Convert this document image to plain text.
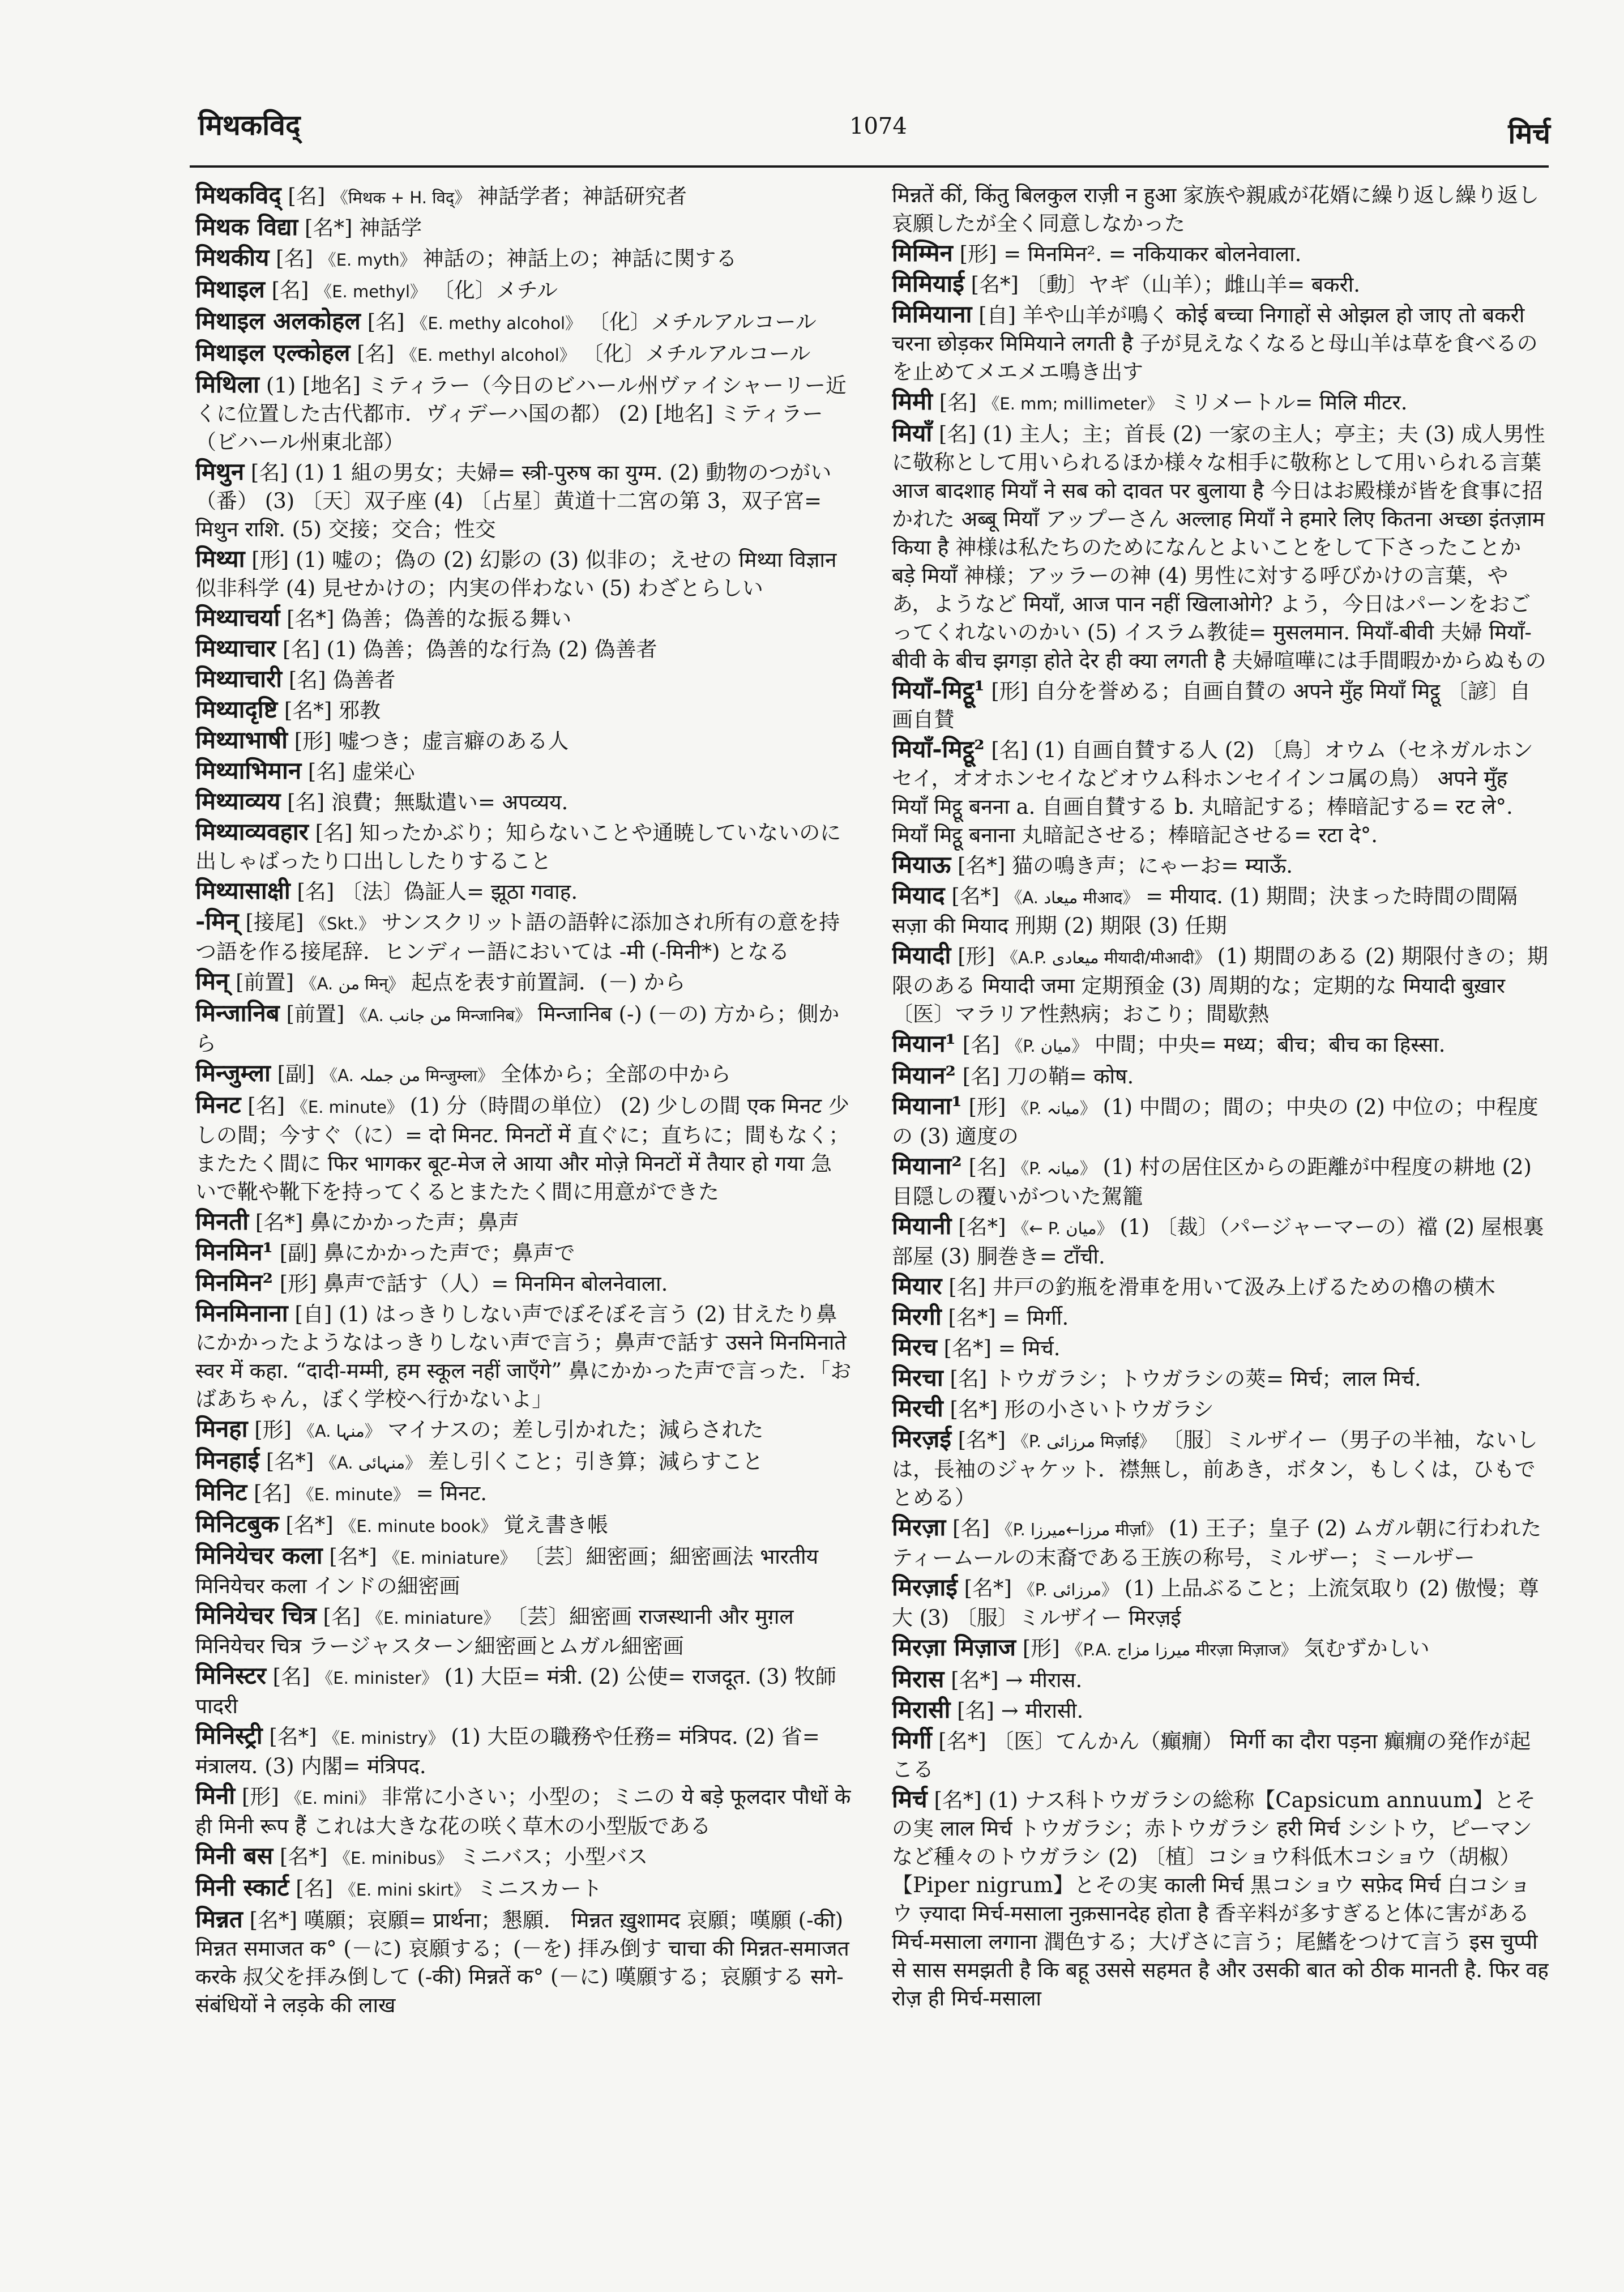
मिथकविद्	1074	मिर्च

मिथकविद् [名] 《मिथक + H. विद्》 神話学者；神話研究者

मिथक विद्या [名*] 神話学

मिथकीय [名] 《E. myth》 神話の；神話上の；神話に関する

मिथाइल [名] 《E. methyl》 〔化〕メチル

मिथाइल अलकोहल [名] 《E. methy alcohol》 〔化〕メチルアルコール

मिथाइल एल्कोहल [名] 《E. methyl alcohol》 〔化〕メチルアルコール

मिथिला (1) [地名] ミティラー（今日のビハール州ヴァイシャーリー近くに位置した古代都市．ヴィデーハ国の都） (2) [地名] ミティラー（ビハール州東北部）

मिथुन [名] (1) 1 組の男女；夫婦= स्त्री-पुरुष का युग्म. (2) 動物のつがい（番） (3) 〔天〕双子座 (4) 〔占星〕黄道十二宮の第 3，双子宮= मिथुन राशि. (5) 交接；交合；性交

मिथ्या [形] (1) 嘘の；偽の (2) 幻影の (3) 似非の；えせの मिथ्या विज्ञान 似非科学 (4) 見せかけの；内実の伴わない (5) わざとらしい

मिथ्याचर्या [名*] 偽善；偽善的な振る舞い

मिथ्याचार [名] (1) 偽善；偽善的な行為 (2) 偽善者

मिथ्याचारी [名] 偽善者

मिथ्यादृष्टि [名*] 邪教

मिथ्याभाषी [形] 嘘つき；虚言癖のある人

मिथ्याभिमान [名] 虚栄心

मिथ्याव्यय [名] 浪費；無駄遣い= अपव्यय.

मिथ्याव्यवहार [名] 知ったかぶり；知らないことや通暁していないのに出しゃばったり口出ししたりすること

मिथ्यासाक्षी [名] 〔法〕偽証人= झूठा गवाह.

-मिन् [接尾] 《Skt.》 サンスクリット語の語幹に添加され所有の意を持つ語を作る接尾辞．ヒンディー語においては -मी (-मिनी*) となる

मिन् [前置] 《A. من मिन्》 起点を表す前置詞．(－) から

मिन्जानिब [前置] 《A. من جانب मिन्जानिब》 मिन्जानिब (-) (－の) 方から；側から

मिन्जुम्ला [副] 《A. من جملہ मिन्जुम्ला》 全体から；全部の中から

मिनट [名] 《E. minute》 (1) 分（時間の単位） (2) 少しの間 एक मिनट 少しの間；今すぐ（に）= दो मिनट. मिनटों में 直ぐに；直ちに；間もなく；またたく間に फिर भागकर बूट-मेज ले आया और मोज़े मिनटों में तैयार हो गया 急いで靴や靴下を持ってくるとまたたく間に用意ができた

मिनती [名*] 鼻にかかった声；鼻声

मिनमिन¹ [副] 鼻にかかった声で；鼻声で

मिनमिन² [形] 鼻声で話す（人）= मिनमिन बोलनेवाला.

मिनमिनाना [自] (1) はっきりしない声でぼそぼそ言う (2) 甘えたり鼻にかかったようなはっきりしない声で言う；鼻声で話す उसने मिनमिनाते स्वर में कहा. “दादी-मम्मी, हम स्कूल नहीं जाएँगे” 鼻にかかった声で言った．「おばあちゃん，ぼく学校へ行かないよ」

मिनहा [形] 《A. منہا》 マイナスの；差し引かれた；減らされた

मिनहाई [名*] 《A. منہائی》 差し引くこと；引き算；減らすこと

मिनिट [名] 《E. minute》 = मिनट.

मिनिटबुक [名*] 《E. minute book》 覚え書き帳

मिनियेचर कला [名*] 《E. miniature》 〔芸〕細密画；細密画法 भारतीय मिनियेचर कला インドの細密画

मिनियेचर चित्र [名] 《E. miniature》 〔芸〕細密画 राजस्थानी और मुग़ल मिनियेचर चित्र ラージャスターン細密画とムガル細密画

मिनिस्टर [名] 《E. minister》 (1) 大臣= मंत्री. (2) 公使= राजदूत. (3) 牧師 पादरी

मिनिस्ट्री [名*] 《E. ministry》 (1) 大臣の職務や任務= मंत्रिपद. (2) 省= मंत्रालय. (3) 内閣= मंत्रिपद.

मिनी [形] 《E. mini》 非常に小さい；小型の；ミニの ये बड़े फूलदार पौधों के ही मिनी रूप हैं これは大きな花の咲く草木の小型版である

मिनी बस [名*] 《E. minibus》 ミニバス；小型バス

मिनी स्कार्ट [名] 《E. mini skirt》 ミニスカート

मिन्नत [名*] 嘆願；哀願= प्रार्थना；懇願． मिन्नत ख़ुशामद 哀願；嘆願 (-की) मिन्नत समाजत क° (－に) 哀願する；(－を) 拝み倒す चाचा की मिन्नत-समाजत करके 叔父を拝み倒して (-की) मिन्नतें क° (－に) 嘆願する；哀願する सगे-संबंधियों ने लड़के की लाख

मिन्नतें कीं, किंतु बिलकुल राज़ी न हुआ 家族や親戚が花婿に繰り返し繰り返し哀願したが全く同意しなかった

मिम्मिन [形] = मिनमिन². = नकियाकर बोलनेवाला.

मिमियाई [名*] 〔動〕ヤギ（山羊）；雌山羊= बकरी.

मिमियाना [自] 羊や山羊が鳴く कोई बच्चा निगाहों से ओझल हो जाए तो बकरी चरना छोड़कर मिमियाने लगती है 子が見えなくなると母山羊は草を食べるのを止めてメエメエ鳴き出す

मिमी [名] 《E. mm; millimeter》 ミリメートル= मिलि मीटर.

मियाँ [名] (1) 主人；主；首長 (2) 一家の主人；亭主；夫 (3) 成人男性に敬称として用いられるほか様々な相手に敬称として用いられる言葉 आज बादशाह मियाँ ने सब को दावत पर बुलाया है 今日はお殿様が皆を食事に招かれた अब्बू मियाँ アップーさん अल्लाह मियाँ ने हमारे लिए कितना अच्छा इंतज़ाम किया है 神様は私たちのためになんとよいことをして下さったことか बड़े मियाँ 神様；アッラーの神 (4) 男性に対する呼びかけの言葉，やあ，ようなど मियाँ, आज पान नहीं खिलाओगे? よう，今日はパーンをおごってくれないのかい (5) イスラム教徒= मुसलमान. मियाँ-बीवी 夫婦 मियाँ-बीवी के बीच झगड़ा होते देर ही क्या लगती है 夫婦喧嘩には手間暇かからぬもの

मियाँ-मिट्ठू¹ [形] 自分を誉める；自画自賛の अपने मुँह मियाँ मिट्ठू 〔諺〕自画自賛

मियाँ-मिट्ठू² [名] (1) 自画自賛する人 (2) 〔鳥〕オウム（セネガルホンセイ，オオホンセイなどオウム科ホンセイインコ属の鳥） अपने मुँह मियाँ मिट्ठू बनना a. 自画自賛する b. 丸暗記する；棒暗記する= रट ले°. मियाँ मिट्ठू बनाना 丸暗記させる；棒暗記させる= रटा दे°.

मियाऊ [名*] 猫の鳴き声；にゃーお= म्याऊँ.

मियाद [名*] 《A. میعاد मीआद》 = मीयाद. (1) 期間；決まった時間の間隔 सज़ा की मियाद 刑期 (2) 期限 (3) 任期

मियादी [形] 《A.P. میعادی मीयादी/मीआदी》 (1) 期間のある (2) 期限付きの；期限のある मियादी जमा 定期預金 (3) 周期的な；定期的な मियादी बुख़ार 〔医〕マラリア性熱病；おこり；間歇熱

मियान¹ [名] 《P. میان》 中間；中央= मध्य；बीच；बीच का हिस्सा.

मियान² [名] 刀の鞘= कोष.

मियाना¹ [形] 《P. میانہ》 (1) 中間の；間の；中央の (2) 中位の；中程度の (3) 適度の

मियाना² [名] 《P. میانہ》 (1) 村の居住区からの距離が中程度の耕地 (2) 目隠しの覆いがついた駕籠

मियानी [名*] 《← P. میان》 (1) 〔裁〕（パージャーマーの）襠 (2) 屋根裏部屋 (3) 胴巻き= टाँची.

मियार [名] 井戸の釣瓶を滑車を用いて汲み上げるための櫓の横木

मिरगी [名*] = मिर्गी.

मिरच [名*] = मिर्च.

मिरचा [名] トウガラシ；トウガラシの莢= मिर्च；लाल मिर्च.

मिरची [名*] 形の小さいトウガラシ

मिरज़ई [名*] 《P. مرزائی मिर्ज़ाई》 〔服〕ミルザイー（男子の半袖，ないしは，長袖のジャケット．襟無し，前あき，ボタン，もしくは，ひもでとめる）

मिरज़ा [名] 《P. مرزا←میرزا मीर्ज़ा》 (1) 王子；皇子 (2) ムガル朝に行われたティームールの末裔である王族の称号，ミルザー；ミールザー

मिरज़ाई [名*] 《P. مرزائی》 (1) 上品ぶること；上流気取り (2) 傲慢；尊大 (3) 〔服〕ミルザイー मिरज़ई

मिरज़ा मिज़ाज [形] 《P.A. میرزا مزاج मीरज़ा मिज़ाज》 気むずかしい

मिरास [名*] → मीरास.

मिरासी [名] → मीरासी.

मिर्गी [名*] 〔医〕てんかん（癲癇） मिर्गी का दौरा पड़ना 癲癇の発作が起こる

मिर्च [名*] (1) ナス科トウガラシの総称【Capsicum annuum】とその実 लाल मिर्च トウガラシ；赤トウガラシ हरी मिर्च シシトウ，ピーマンなど種々のトウガラシ (2) 〔植〕コショウ科低木コショウ（胡椒）【Piper nigrum】とその実 काली मिर्च 黒コショウ सफ़ेद मिर्च 白コショウ ज़्यादा मिर्च-मसाला नुक़सानदेह होता है 香辛料が多すぎると体に害がある मिर्च-मसाला लगाना 潤色する；大げさに言う；尾鰭をつけて言う इस चुप्पी से सास समझती है कि बहू उससे सहमत है और उसकी बात को ठीक मानती है. फिर वह रोज़ ही मिर्च-मसाला
